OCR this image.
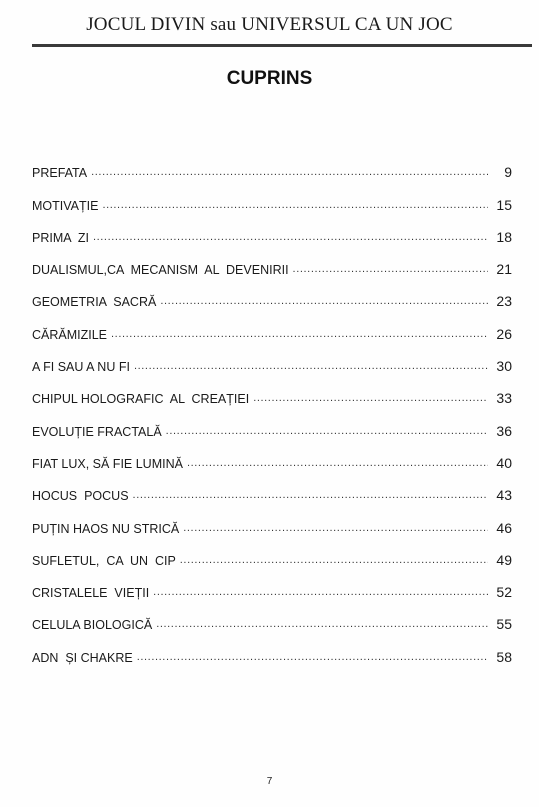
JOCUL DIVIN sau UNIVERSUL CA UN JOC
CUPRINS
PREFATA .....	9
MOTIVAȚIE .....	15
PRIMA  ZI .....	18
DUALISMUL,CA  MECANISM  AL  DEVENIRII .....	21
GEOMETRIA  SACRĂ .....	23
CĂRĂMIZILE .....	26
A FI SAU A NU FI .....	30
CHIPUL HOLOGRAFIC  AL  CREAȚIEI .....	33
EVOLUȚIE FRACTALĂ .....	36
FIAT LUX, SĂ FIE LUMINĂ .....	40
HOCUS  POCUS .....	43
PUȚIN HAOS NU STRICĂ .....	46
SUFLETUL,  CA  UN  CIP .....	49
CRISTALELE  VIEȚII .....	52
CELULA BIOLOGICĂ .....	55
ADN  ȘI CHAKRE .....	58
7
